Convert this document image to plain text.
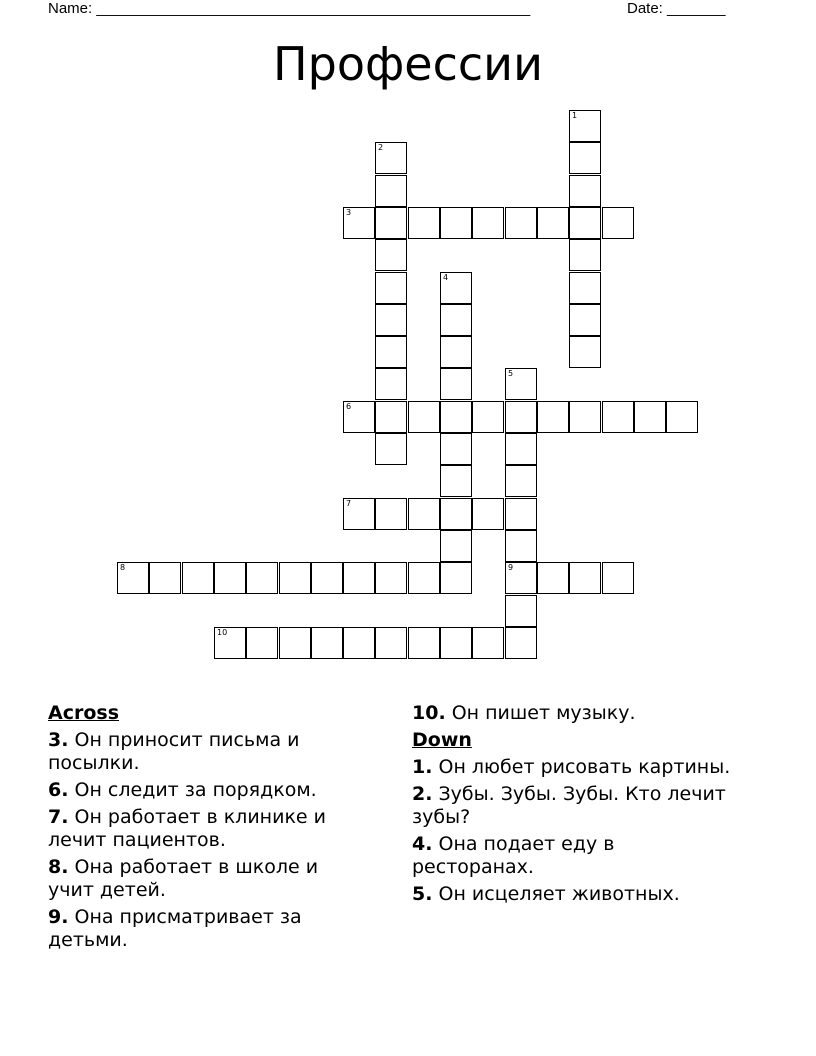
Name: ____________________________________________________	Date: _______
Профессии
1
2
3
4
5
9
6
7
8
10
Across
3. Он приносит письма и посылки.
6. Он следит за порядком.
7. Он работает в клинике и лечит пациентов.
8. Она работает в школе и учит детей.
9. Она присматривает за детьми.
10. Он пишет музыку.
Down
1. Он любет рисовать картины.
2. Зубы. Зубы. Зубы. Кто лечит зубы?
4. Она подает еду в ресторанах.
5. Он исцеляет животных.
